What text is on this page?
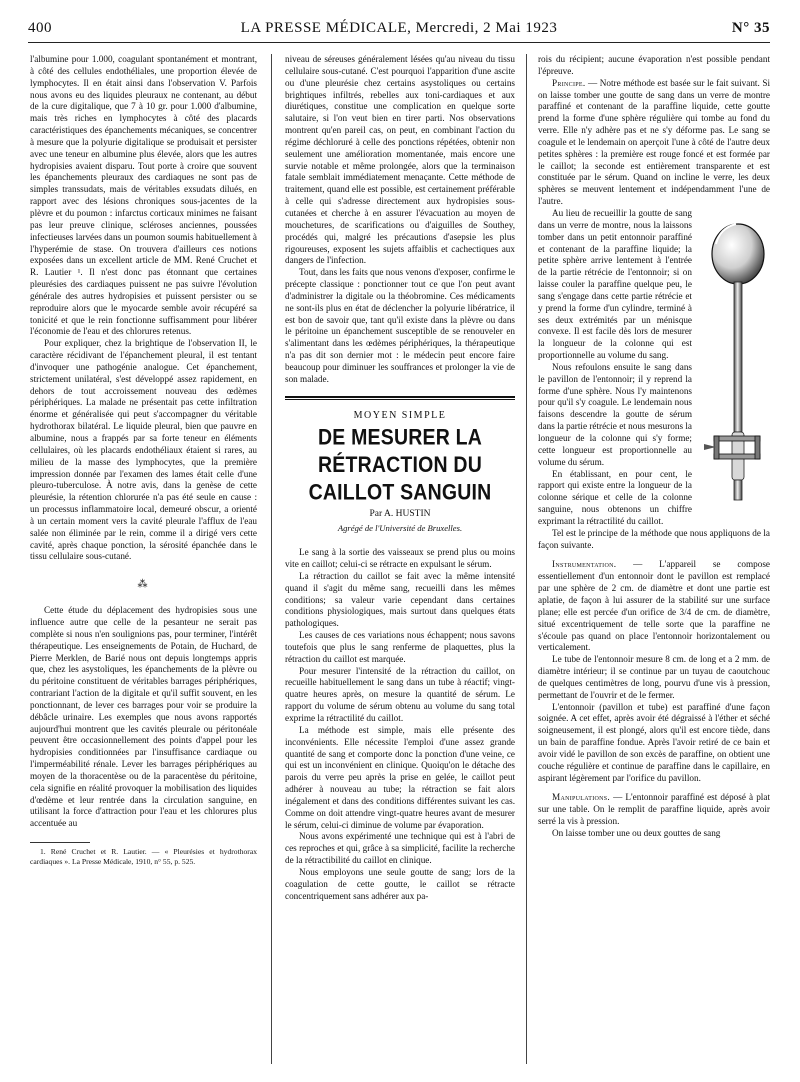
400	LA PRESSE MÉDICALE, Mercredi, 2 Mai 1923	N° 35

l'albumine pour 1.000, coagulant spontanément et montrant, à côté des cellules endothéliales, une proportion élevée de lymphocytes. Il en était ainsi dans l'observation V. Parfois nous avons eu des liquides pleuraux ne contenant, au début de la cure digitalique, que 7 à 10 gr. pour 1.000 d'albumine, mais très riches en lymphocytes à côté des placards caractéristiques des épanchements mécaniques, se concentrer à mesure que la polyurie digitalique se produisait et persister avec une teneur en albumine plus élevée, alors que les autres hydropisies avaient disparu. Tout porte à croire que souvent les épanchements pleuraux des cardiaques ne sont pas de simples transsudats, mais de véritables exsudats dilués, en rapport avec des lésions chroniques sous-jacentes de la plèvre et du poumon : infarctus corticaux minimes ne faisant pas leur preuve clinique, scléroses anciennes, poussées infectieuses larvées dans un poumon soumis habituellement à l'hyperémie de stase. On trouvera d'ailleurs ces notions exposées dans un excellent article de MM. René Cruchet et R. Lautier ¹. Il n'est donc pas étonnant que certaines pleurésies des cardiaques puissent ne pas suivre l'évolution générale des autres hydropisies et puissent persister ou se reproduire alors que le myocarde semble avoir récupéré sa tonicité et que le rein fonctionne suffisamment pour libérer l'économie de l'eau et des chlorures retenus.

Pour expliquer, chez la brightique de l'observation II, le caractère récidivant de l'épanchement pleural, il est tentant d'invoquer une pathogénie analogue. Cet épanchement, strictement unilatéral, s'est développé assez rapidement, en dehors de tout accroissement nouveau des œdèmes périphériques. La malade ne présentait pas cette infiltration énorme et généralisée qui peut s'accompagner du véritable hydrothorax bilatéral. Le liquide pleural, bien que pauvre en albumine, nous a frappés par sa forte teneur en éléments cellulaires, où les placards endothéliaux étaient si rares, au milieu de la masse des lymphocytes, que la première impression donnée par l'examen des lames était celle d'une pleuro-tuberculose. À notre avis, dans la genèse de cette pleurésie, la rétention chlorurée n'a pas été seule en cause : un processus inflammatoire local, demeuré obscur, a orienté à un certain moment vers la cavité pleurale l'afflux de l'eau salée non éliminée par le rein, comme il a dirigé vers cette cavité, après chaque ponction, la sérosité épanchée dans le tissu cellulaire sous-cutané.

⁂

Cette étude du déplacement des hydropisies sous une influence autre que celle de la pesanteur ne serait pas complète si nous n'en soulignions pas, pour terminer, l'intérêt thérapeutique. Les enseignements de Potain, de Huchard, de Pierre Merklen, de Barié nous ont depuis longtemps appris que, chez les asystoliques, les épanchements de la plèvre ou du péritoine constituent de véritables barrages périphériques, contrariant l'action de la digitale et qu'il suffit souvent, en les ponctionnant, de lever ces barrages pour voir se produire la débâcle urinaire. Les exemples que nous avons rapportés aujourd'hui montrent que les cavités pleurale ou péritonéale peuvent être occasionnellement des points d'appel pour les hydropisies conditionnées par l'insuffisance cardiaque ou l'imperméabilité rénale. Lever les barrages périphériques au moyen de la thoracentèse ou de la paracentèse du péritoine, cela signifie en réalité provoquer la mobilisation des liquides d'œdème et leur rentrée dans la circulation sanguine, en utilisant la force d'attraction pour l'eau et les chlorures plus accentuée au

1. René Cruchet et R. Lautier. — « Pleurésies et hydrothorax cardiaques ». La Presse Médicale, 1910, n° 55, p. 525.

niveau de séreuses généralement lésées qu'au niveau du tissu cellulaire sous-cutané. C'est pourquoi l'apparition d'une ascite ou d'une pleurésie chez certains asystoliques ou certains brightiques infiltrés, rebelles aux toni-cardiaques et aux diurétiques, constitue une complication en quelque sorte salutaire, si l'on veut bien en tirer parti. Nos observations montrent qu'en pareil cas, on peut, en combinant l'action du régime déchloruré à celle des ponctions répétées, obtenir non seulement une amélioration momentanée, mais encore une survie notable et même prolongée, alors que la terminaison fatale semblait immédiatement menaçante. Cette méthode de traitement, quand elle est possible, est certainement préférable à celle qui s'adresse directement aux hydropisies sous-cutanées et cherche à en assurer l'évacuation au moyen de mouchetures, de scarifications ou d'aiguilles de Southey, procédés qui, malgré les précautions d'asepsie les plus rigoureuses, exposent les sujets affaiblis et cachectiques aux dangers de l'infection.

Tout, dans les faits que nous venons d'exposer, confirme le précepte classique : ponctionner tout ce que l'on peut avant d'administrer la digitale ou la théobromine. Ces médicaments ne sont-ils plus en état de déclencher la polyurie libératrice, il est bon de savoir que, tant qu'il existe dans la plèvre ou dans le péritoine un épanchement susceptible de se renouveler en s'alimentant dans les œdèmes périphériques, la thérapeutique n'a pas dit son dernier mot : le médecin peut encore faire beaucoup pour diminuer les souffrances et prolonger la vie de son malade.

MOYEN SIMPLE
DE MESURER LA RÉTRACTION DU CAILLOT SANGUIN
Par A. HUSTIN
Agrégé de l'Université de Bruxelles.

Le sang à la sortie des vaisseaux se prend plus ou moins vite en caillot; celui-ci se rétracte en expulsant le sérum.

La rétraction du caillot se fait avec la même intensité quand il s'agit du même sang, recueilli dans les mêmes conditions; sa valeur varie cependant dans certaines conditions physiologiques, mais surtout dans quelques états pathologiques.

Les causes de ces variations nous échappent; nous savons toutefois que plus le sang renferme de plaquettes, plus la rétraction du caillot est marquée.

Pour mesurer l'intensité de la rétraction du caillot, on recueille habituellement le sang dans un tube à réactif; vingt-quatre heures après, on mesure la quantité de sérum. Le rapport du volume de sérum obtenu au volume du sang total exprime la rétractilité du caillot.

La méthode est simple, mais elle présente des inconvénients. Elle nécessite l'emploi d'une assez grande quantité de sang et comporte donc la ponction d'une veine, ce qui est un inconvénient en clinique. Quoiqu'on le détache des parois du verre peu après la prise en gelée, le caillot peut adhérer à nouveau au tube; la rétraction se fait alors inégalement et dans des conditions différentes suivant les cas. Comme on doit attendre vingt-quatre heures avant de mesurer le sérum, celui-ci diminue de volume par évaporation.

Nous avons expérimenté une technique qui est à l'abri de ces reproches et qui, grâce à sa simplicité, facilite la recherche de la rétractibilité du caillot en clinique.

Nous employons une seule goutte de sang; lors de la coagulation de cette goutte, le caillot se rétracte concentriquement sans adhérer aux pa-

rois du récipient; aucune évaporation n'est possible pendant l'épreuve.

Principe. — Notre méthode est basée sur le fait suivant. Si on laisse tomber une goutte de sang dans un verre de montre paraffiné et contenant de la paraffine liquide, cette goutte prend la forme d'une sphère régulière qui tombe au fond du verre. Elle n'y adhère pas et ne s'y déforme pas. Le sang se coagule et le lendemain on aperçoit l'une à côté de l'autre deux petites sphères : la première est rouge foncé et est formée par le caillot; la seconde est entièrement transparente et est constituée par le sérum. Quand on incline le verre, les deux sphères se meuvent lentement et indépendamment l'une de l'autre.

Au lieu de recueillir la goutte de sang dans un verre de montre, nous la laissons tomber dans un petit entonnoir paraffiné et contenant de la paraffine liquide; la petite sphère arrive lentement à l'entrée de la partie rétrécie de l'entonnoir; si on laisse couler la paraffine quelque peu, le sang s'engage dans cette partie rétrécie et y prend la forme d'un cylindre, terminé à ses deux extrémités par un ménisque convexe. Il est facile dès lors de mesurer la longueur de la colonne qui est proportionnelle au volume du sang.

Nous refoulons ensuite le sang dans le pavillon de l'entonnoir; il y reprend la forme d'une sphère. Nous l'y maintenons pour qu'il s'y coagule. Le lendemain nous faisons descendre la goutte de sérum dans la partie rétrécie et nous mesurons la longueur de la colonne qui s'y forme; cette longueur est proportionnelle au volume du sérum.

En établissant, en pour cent, le rapport qui existe entre la longueur de la colonne sérique et celle de la colonne sanguine, nous obtenons un chiffre exprimant la rétractilité du caillot.

Tel est le principe de la méthode que nous appliquons de la façon suivante.

Instrumentation. — L'appareil se compose essentiellement d'un entonnoir dont le pavillon est remplacé par une sphère de 2 cm. de diamètre et dont une partie est aplatie, de façon à lui assurer de la stabilité sur une surface plane; elle est percée d'un orifice de 3/4 de cm. de diamètre, situé excentriquement de telle sorte que la paraffine ne s'écoule pas quand on place l'entonnoir horizontalement ou verticalement.

Le tube de l'entonnoir mesure 8 cm. de long et a 2 mm. de diamètre intérieur; il se continue par un tuyau de caoutchouc de quelques centimètres de long, pourvu d'une vis à pression, permettant de l'ouvrir et de le fermer.

L'entonnoir (pavillon et tube) est paraffiné d'une façon soignée. A cet effet, après avoir été dégraissé à l'éther et séché soigneusement, il est plongé, alors qu'il est encore tiède, dans un bain de paraffine fondue. Après l'avoir retiré de ce bain et avoir vidé le pavillon de son excès de paraffine, on obtient une couche régulière et continue de paraffine dans le capillaire, en aspirant légèrement par l'orifice du pavillon.

Manipulations. — L'entonnoir paraffiné est déposé à plat sur une table. On le remplit de paraffine liquide, après avoir serré la vis à pression.

On laisse tomber une ou deux gouttes de sang
